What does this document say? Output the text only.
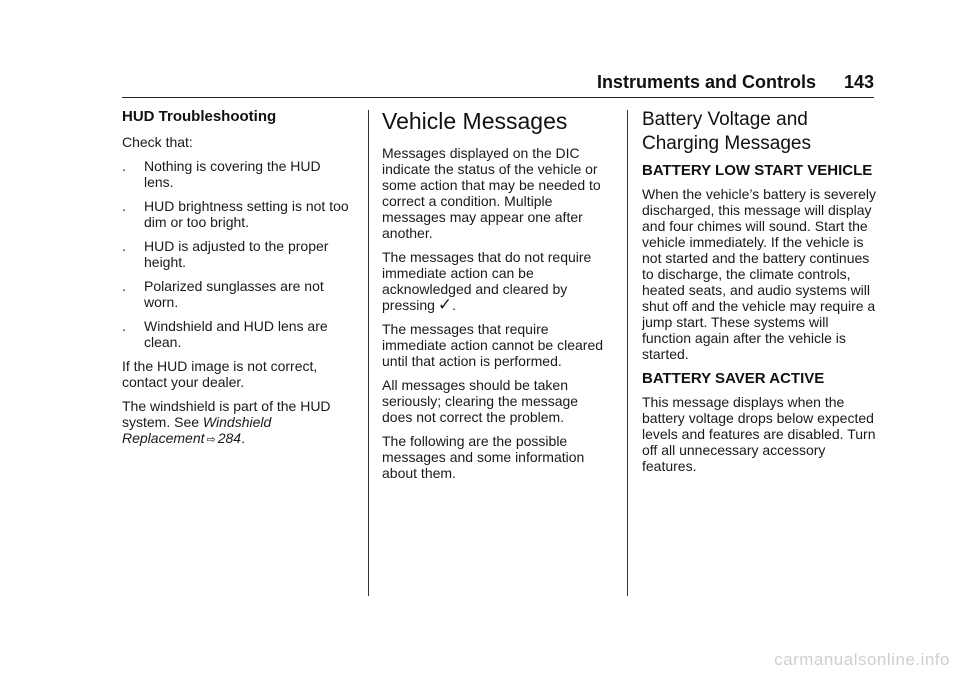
Instruments and Controls 143
HUD Troubleshooting

Check that:

. Nothing is covering the HUD lens.
. HUD brightness setting is not too dim or too bright.
. HUD is adjusted to the proper height.
. Polarized sunglasses are not worn.
. Windshield and HUD lens are clean.

If the HUD image is not correct, contact your dealer.

The windshield is part of the HUD system. See Windshield Replacement ⇨ 284.

Vehicle Messages

Messages displayed on the DIC indicate the status of the vehicle or some action that may be needed to correct a condition. Multiple messages may appear one after another.

The messages that do not require immediate action can be acknowledged and cleared by pressing ✓.

The messages that require immediate action cannot be cleared until that action is performed.

All messages should be taken seriously; clearing the message does not correct the problem.

The following are the possible messages and some information about them.

Battery Voltage and Charging Messages
BATTERY LOW START VEHICLE

When the vehicle’s battery is severely discharged, this message will display and four chimes will sound. Start the vehicle immediately. If the vehicle is not started and the battery continues to discharge, the climate controls, heated seats, and audio systems will shut off and the vehicle may require a jump start. These systems will function again after the vehicle is started.

BATTERY SAVER ACTIVE

This message displays when the battery voltage drops below expected levels and features are disabled. Turn off all unnecessary accessory features.

carmanualsonline.info
